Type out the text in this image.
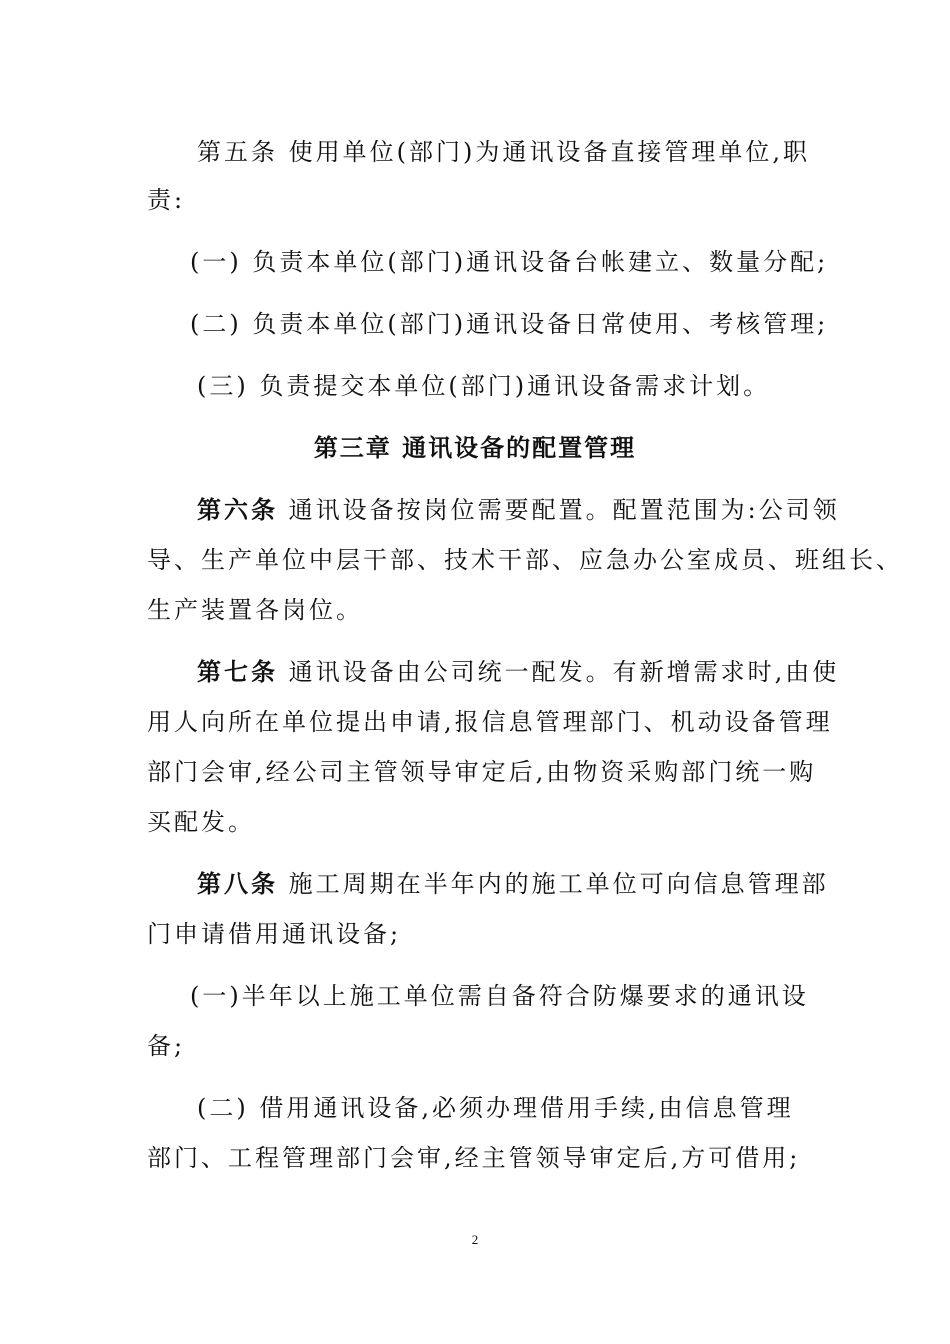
第五条 使用单位(部门)为通讯设备直接管理单位,职
责:
(一) 负责本单位(部门)通讯设备台帐建立、数量分配;
(二) 负责本单位(部门)通讯设备日常使用、考核管理;
(三) 负责提交本单位(部门)通讯设备需求计划。
第三章 通讯设备的配置管理
第六条 通讯设备按岗位需要配置。配置范围为:公司领
导、生产单位中层干部、技术干部、应急办公室成员、班组长、
生产装置各岗位。
第七条 通讯设备由公司统一配发。有新增需求时,由使
用人向所在单位提出申请,报信息管理部门、机动设备管理
部门会审,经公司主管领导审定后,由物资采购部门统一购
买配发。
第八条 施工周期在半年内的施工单位可向信息管理部
门申请借用通讯设备;
(一)半年以上施工单位需自备符合防爆要求的通讯设
备;
(二) 借用通讯设备,必须办理借用手续,由信息管理
部门、工程管理部门会审,经主管领导审定后,方可借用;
2
